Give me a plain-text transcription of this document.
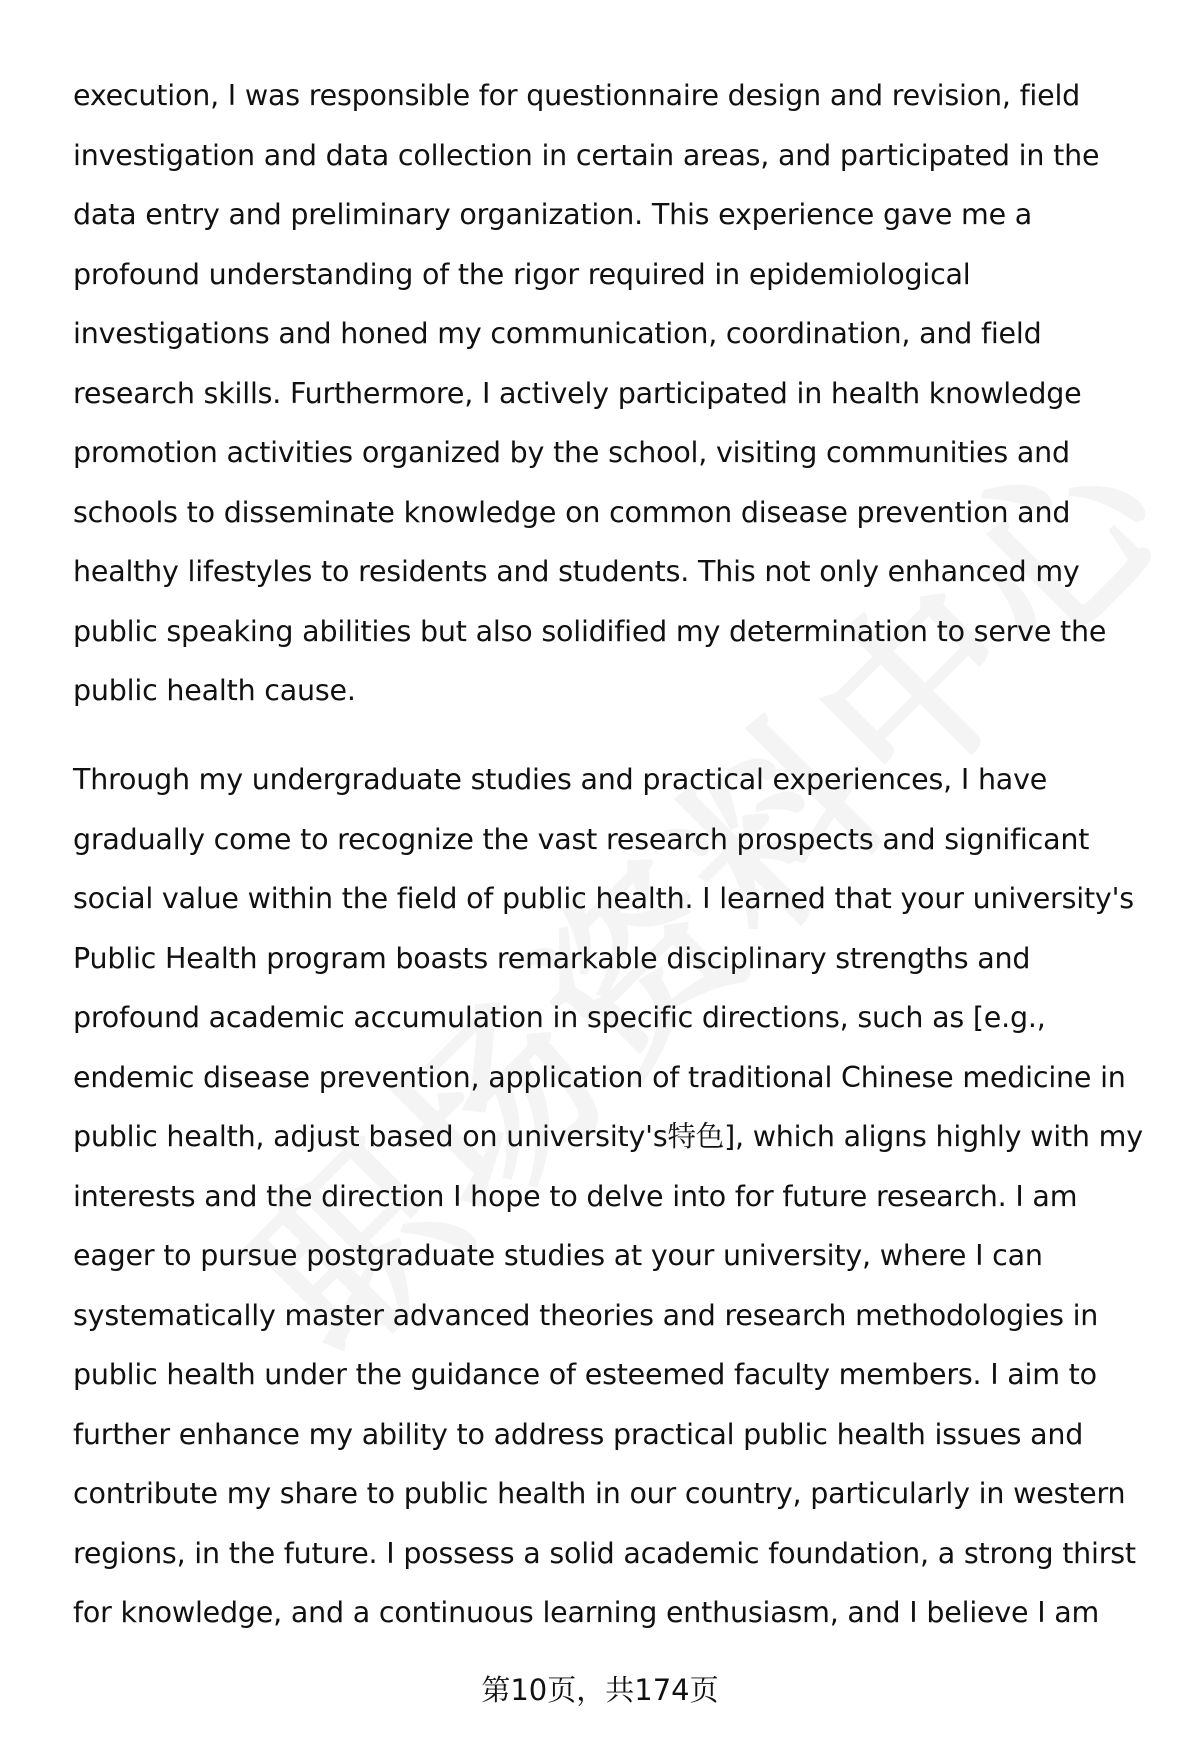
execution, I was responsible for questionnaire design and revision, field
investigation and data collection in certain areas, and participated in the
data entry and preliminary organization. This experience gave me a
profound understanding of the rigor required in epidemiological
investigations and honed my communication, coordination, and field
research skills. Furthermore, I actively participated in health knowledge
promotion activities organized by the school, visiting communities and
schools to disseminate knowledge on common disease prevention and
healthy lifestyles to residents and students. This not only enhanced my
public speaking abilities but also solidified my determination to serve the
public health cause.

Through my undergraduate studies and practical experiences, I have
gradually come to recognize the vast research prospects and significant
social value within the field of public health. I learned that your university's
Public Health program boasts remarkable disciplinary strengths and
profound academic accumulation in specific directions, such as [e.g.,
endemic disease prevention, application of traditional Chinese medicine in
public health, adjust based on university's特色], which aligns highly with my
interests and the direction I hope to delve into for future research. I am
eager to pursue postgraduate studies at your university, where I can
systematically master advanced theories and research methodologies in
public health under the guidance of esteemed faculty members. I aim to
further enhance my ability to address practical public health issues and
contribute my share to public health in our country, particularly in western
regions, in the future. I possess a solid academic foundation, a strong thirst
for knowledge, and a continuous learning enthusiasm, and I believe I am

第10页，共174页
